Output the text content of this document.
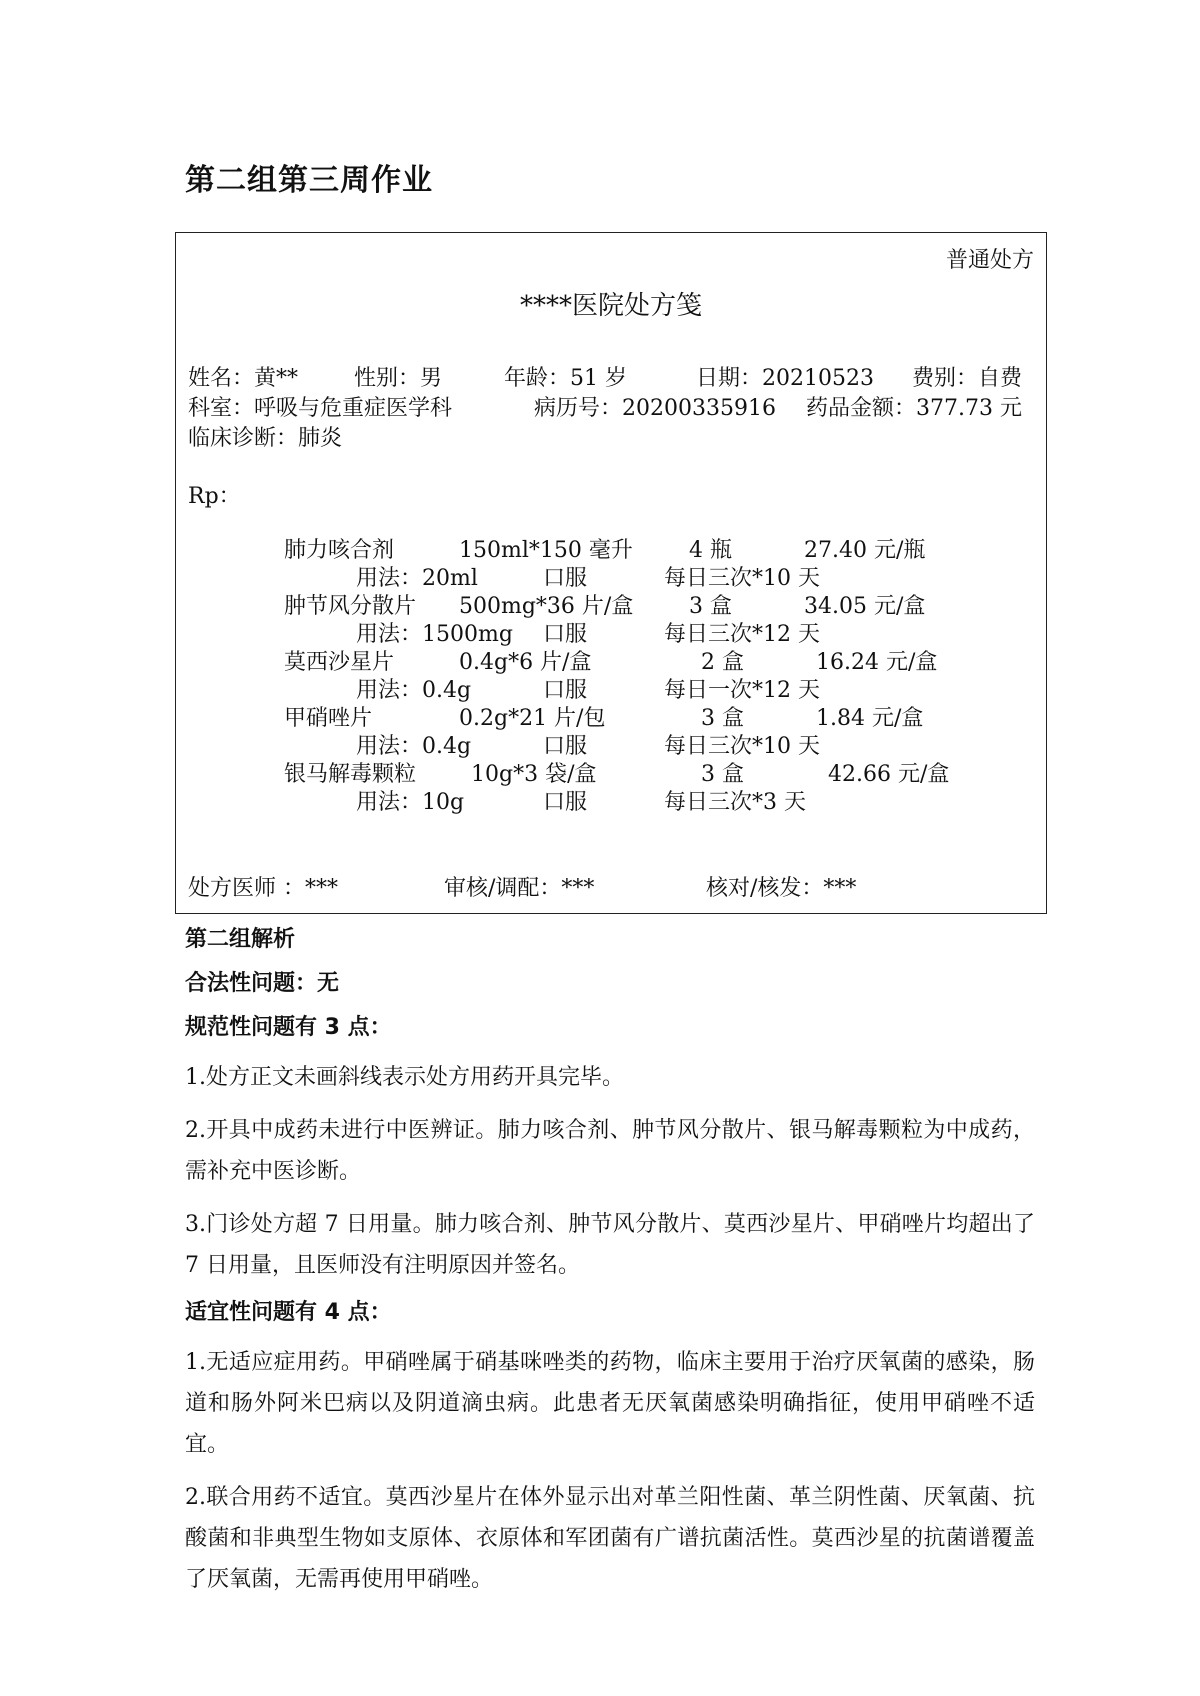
第二组第三周作业
普通处方
****医院处方笺
姓名：黄**	性别：男	年龄：51 岁	日期：20210523 费别：自费
科室：呼吸与危重症医学科	病历号：20200335916 药品金额：377.73 元
临床诊断：肺炎
Rp：
肺力咳合剂	150ml*150 毫升	4 瓶	27.40 元/瓶
用法：20ml	口服	每日三次*10 天
肿节风分散片 500mg*36 片/盒	3 盒	34.05 元/盒
用法：1500mg 口服	每日三次*12 天
莫西沙星片	0.4g*6 片/盒	2 盒	16.24 元/盒
用法：0.4g	口服	每日一次*12 天
甲硝唑片	0.2g*21 片/包	3 盒	1.84 元/盒
用法：0.4g	口服	每日三次*10 天
银马解毒颗粒 10g*3 袋/盒	3 盒	42.66 元/盒
用法：10g	口服	每日三次*3 天
处方医师 ：***	审核/调配：***	核对/核发：***
第二组解析
合法性问题：无
规范性问题有 3 点：
1.处方正文未画斜线表示处方用药开具完毕。
2.开具中成药未进行中医辨证。肺力咳合剂、肿节风分散片、银马解毒颗粒为中成药，需补充中医诊断。
3.门诊处方超 7 日用量。肺力咳合剂、肿节风分散片、莫西沙星片、甲硝唑片均超出了 7 日用量，且医师没有注明原因并签名。
适宜性问题有 4 点：
1.无适应症用药。甲硝唑属于硝基咪唑类的药物，临床主要用于治疗厌氧菌的感染，肠道和肠外阿米巴病以及阴道滴虫病。此患者无厌氧菌感染明确指征，使用甲硝唑不适宜。
2.联合用药不适宜。莫西沙星片在体外显示出对革兰阳性菌、革兰阴性菌、厌氧菌、抗酸菌和非典型生物如支原体、衣原体和军团菌有广谱抗菌活性。莫西沙星的抗菌谱覆盖了厌氧菌，无需再使用甲硝唑。
